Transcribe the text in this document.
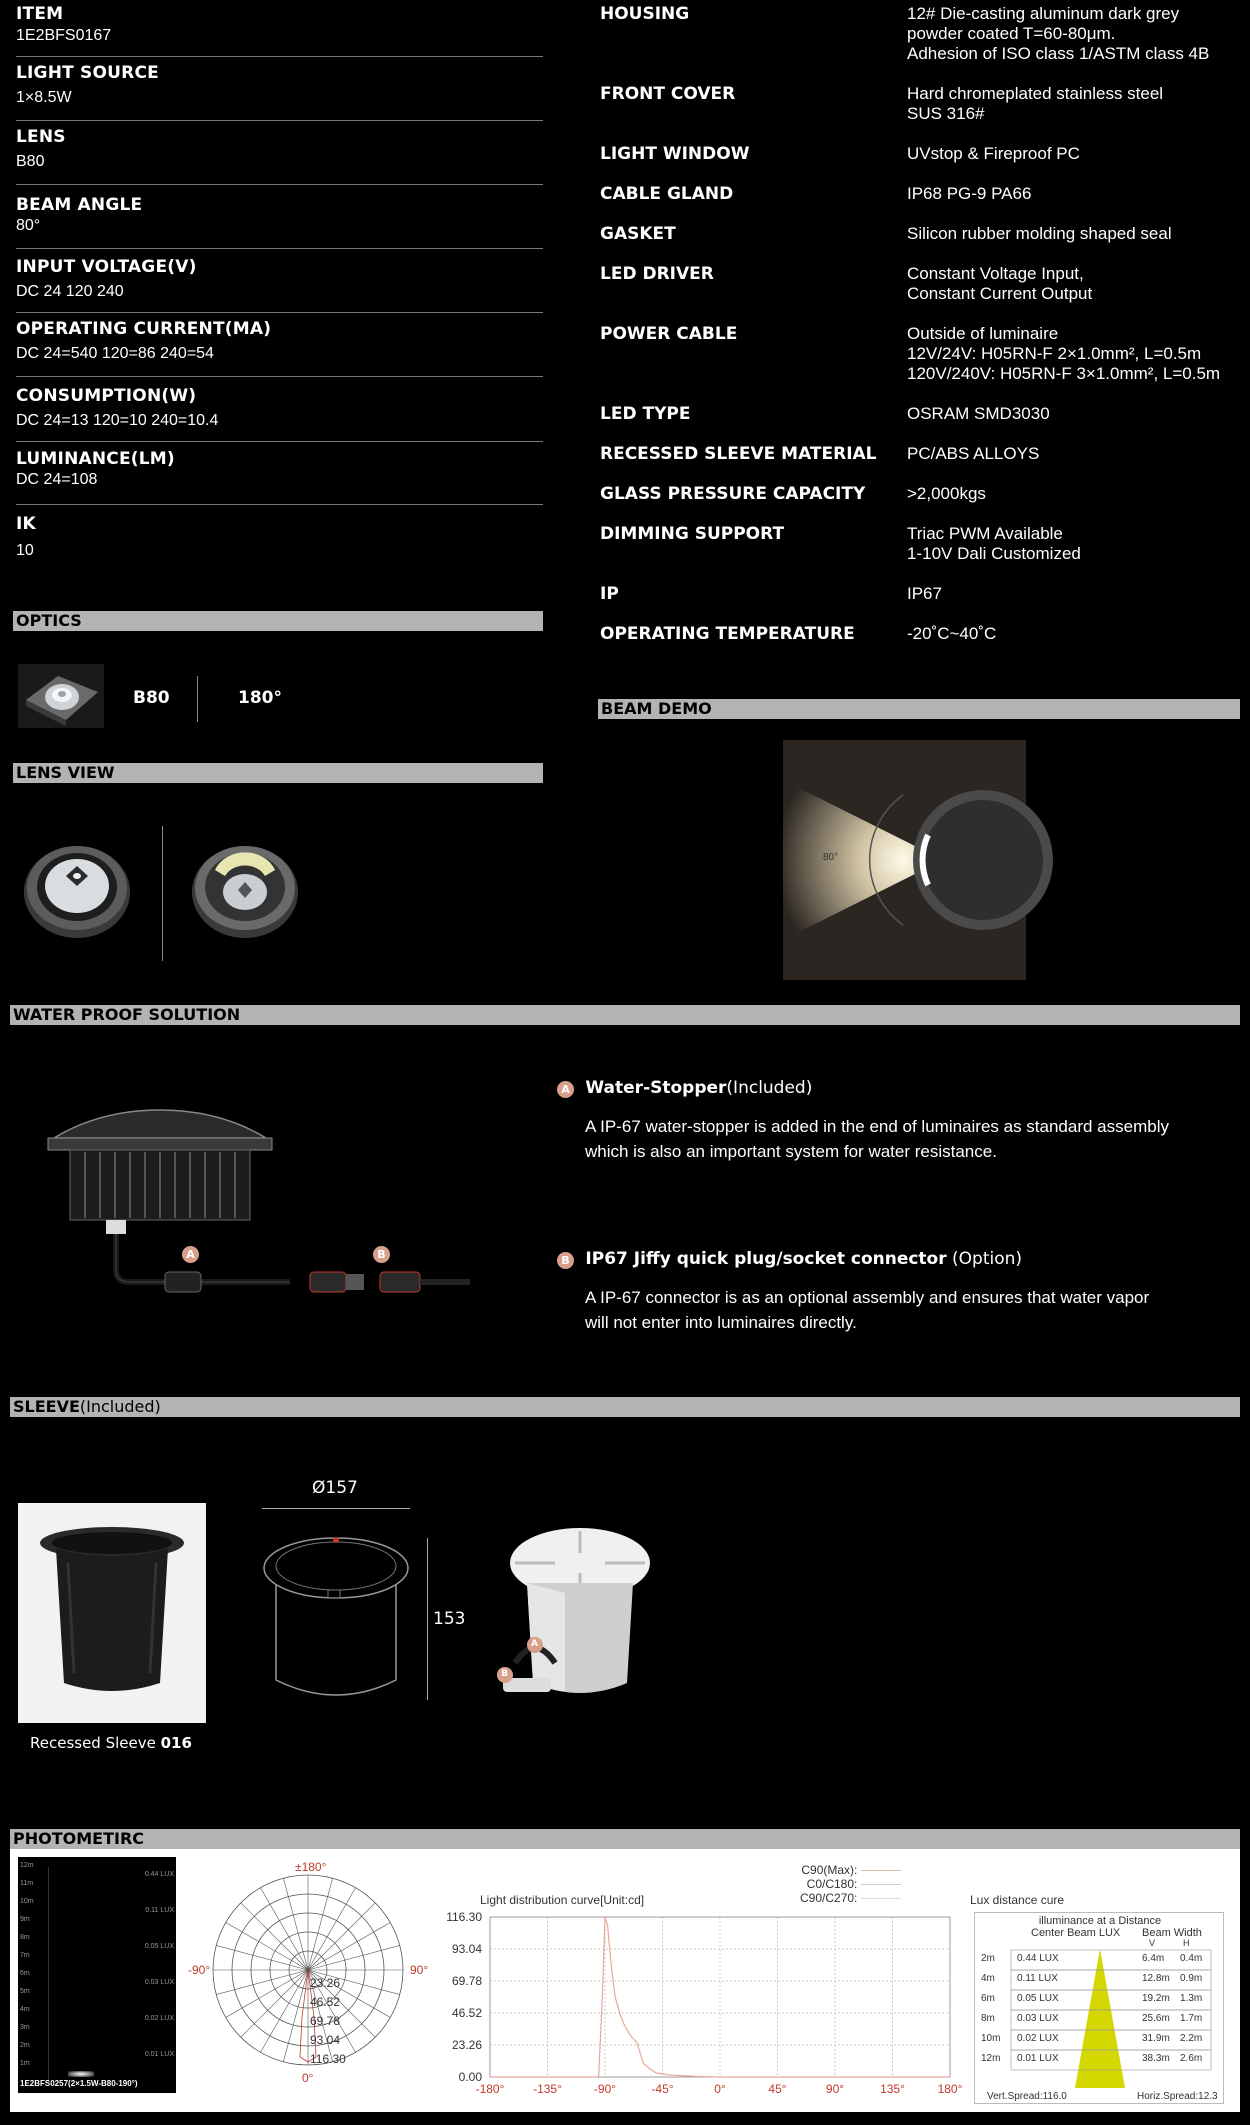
ITEM
1E2BFS0167
LIGHT SOURCE
1×8.5W
LENS
B80
BEAM ANGLE
80°
INPUT VOLTAGE(V)
DC 24 120 240
OPERATING CURRENT(MA)
DC 24=540 120=86 240=54
CONSUMPTION(W)
DC 24=13 120=10 240=10.4
LUMINANCE(LM)
DC 24=108
IK
10
HOUSING	12# Die-casting aluminum dark grey
powder coated T=60-80μm.
Adhesion of ISO class 1/ASTM class 4B
FRONT COVER	Hard chromeplated stainless steel
SUS 316#
LIGHT WINDOW	UVstop & Fireproof PC
CABLE GLAND	IP68 PG-9 PA66
GASKET	Silicon rubber molding shaped seal
LED DRIVER	Constant Voltage Input,
Constant Current Output
POWER CABLE	Outside of luminaire
12V/24V: H05RN-F 2×1.0mm², L=0.5m
120V/240V: H05RN-F 3×1.0mm², L=0.5m
LED TYPE	OSRAM SMD3030
RECESSED SLEEVE MATERIAL PC/ABS ALLOYS
GLASS PRESSURE CAPACITY >2,000kgs
DIMMING SUPPORT	Triac PWM Available
1-10V Dali Customized
IP	IP67
OPERATING TEMPERATURE	-20˚C~40˚C
OPTICS
B80	180°
LENS VIEW
BEAM DEMO
80°
WATER PROOF SOLUTION
A	B
A Water-Stopper(Included)
A IP-67 water-stopper is added in the end of luminaires as standard assembly
which is also an important system for water resistance.
B IP67 Jiffy quick plug/socket connector (Option)
A IP-67 connector is as an optional assembly and ensures that water vapor
will not enter into luminaires directly.
SLEEVE(Included)
Recessed Sleeve 016
Ø157
153
A
B
PHOTOMETIRC
12m
11m
10m
9m
8m
7m
6m
5m
4m
3m
2m
1m
0.44 LUX
0.11 LUX
0.05 LUX
0.03 LUX
0.02 LUX
0.01 LUX
1E2BFS0257(2×1.5W-B80-190°)
±180°
-90°	90°
0°
23.26
46.52
69.78
93.04
116.30
Light distribution curve[Unit:cd]
C90(Max):
C0/C180:
C90/C270:
-180° -135°	-90°	-45°	0°	45°	90°	135°	180°
0.00
23.26
46.52
69.78
93.04
116.30
Lux distance cure
illuminance at a Distance
Center Beam LUX Beam Width
V	H
2m 0.44 LUX	6.4m 0.4m
4m 0.11 LUX	12.8m 0.9m
6m 0.05 LUX	19.2m 1.3m
8m 0.03 LUX	25.6m 1.7m
10m 0.02 LUX	31.9m 2.2m
12m 0.01 LUX	38.3m 2.6m
Vert.Spread:116.0	Horiz.Spread:12.3
